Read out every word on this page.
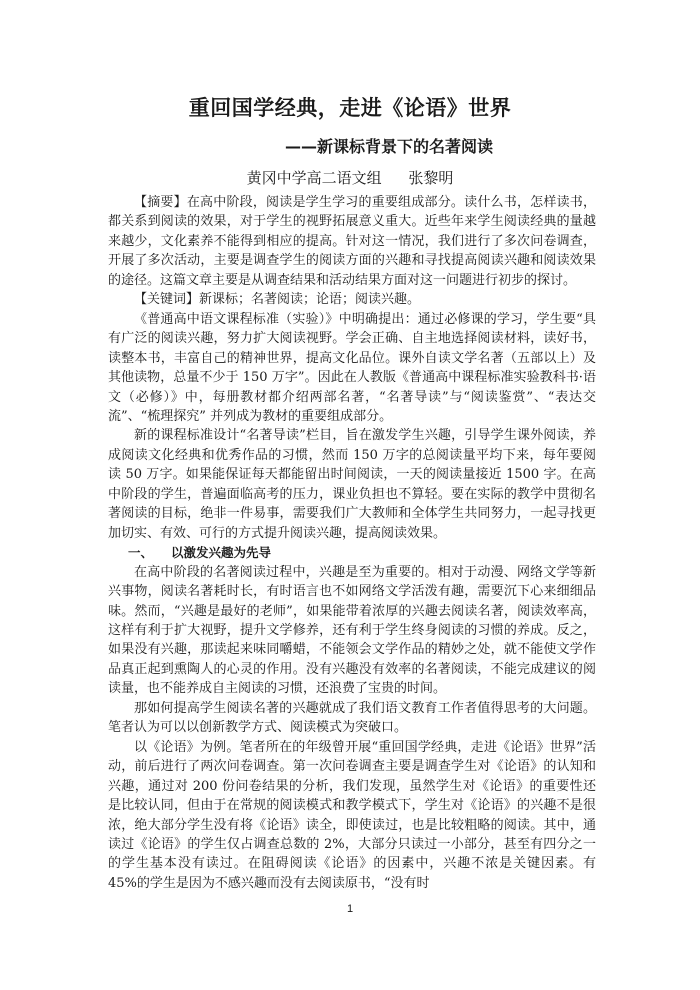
重回国学经典，走进《论语》世界
——新课标背景下的名著阅读
黄冈中学高二语文组 张黎明

【摘要】在高中阶段，阅读是学生学习的重要组成部分。读什么书，怎样读书，都关系到阅读的效果，对于学生的视野拓展意义重大。近些年来学生阅读经典的量越来越少，文化素养不能得到相应的提高。针对这一情况，我们进行了多次问卷调查，开展了多次活动，主要是调查学生的阅读方面的兴趣和寻找提高阅读兴趣和阅读效果的途径。这篇文章主要是从调查结果和活动结果方面对这一问题进行初步的探讨。

【关键词】新课标；名著阅读；论语；阅读兴趣。

《普通高中语文课程标准（实验）》中明确提出：通过必修课的学习，学生要“具有广泛的阅读兴趣，努力扩大阅读视野。学会正确、自主地选择阅读材料，读好书，读整本书，丰富自己的精神世界，提高文化品位。课外自读文学名著（五部以上）及其他读物，总量不少于 150 万字”。因此在人教版《普通高中课程标准实验教科书·语文（必修）》中，每册教材都介绍两部名著，“名著导读”与“阅读鉴赏”、“表达交流”、“梳理探究” 并列成为教材的重要组成部分。

新的课程标准设计“名著导读”栏目，旨在激发学生兴趣，引导学生课外阅读，养成阅读文化经典和优秀作品的习惯，然而 150 万字的总阅读量平均下来，每年要阅读 50 万字。如果能保证每天都能留出时间阅读，一天的阅读量接近 1500 字。在高中阶段的学生，普遍面临高考的压力，课业负担也不算轻。要在实际的教学中贯彻名著阅读的目标，绝非一件易事，需要我们广大教师和全体学生共同努力，一起寻找更加切实、有效、可行的方式提升阅读兴趣，提高阅读效果。

一、 以激发兴趣为先导

在高中阶段的名著阅读过程中，兴趣是至为重要的。相对于动漫、网络文学等新兴事物，阅读名著耗时长，有时语言也不如网络文学活泼有趣，需要沉下心来细细品味。然而，“兴趣是最好的老师”，如果能带着浓厚的兴趣去阅读名著，阅读效率高，这样有利于扩大视野，提升文学修养，还有利于学生终身阅读的习惯的养成。反之，如果没有兴趣，那读起来味同嚼蜡，不能领会文学作品的精妙之处，就不能使文学作品真正起到熏陶人的心灵的作用。没有兴趣没有效率的名著阅读，不能完成建议的阅读量，也不能养成自主阅读的习惯，还浪费了宝贵的时间。

那如何提高学生阅读名著的兴趣就成了我们语文教育工作者值得思考的大问题。笔者认为可以以创新教学方式、阅读模式为突破口。

以《论语》为例。笔者所在的年级曾开展“重回国学经典，走进《论语》世界”活动，前后进行了两次问卷调查。第一次问卷调查主要是调查学生对《论语》的认知和兴趣，通过对 200 份问卷结果的分析，我们发现，虽然学生对《论语》的重要性还是比较认同，但由于在常规的阅读模式和教学模式下，学生对《论语》的兴趣不是很浓，绝大部分学生没有将《论语》读全，即使读过，也是比较粗略的阅读。其中，通读过《论语》的学生仅占调查总数的 2%，大部分只读过一小部分，甚至有四分之一的学生基本没有读过。在阻碍阅读《论语》的因素中，兴趣不浓是关键因素。有 45%的学生是因为不感兴趣而没有去阅读原书，“没有时

1
